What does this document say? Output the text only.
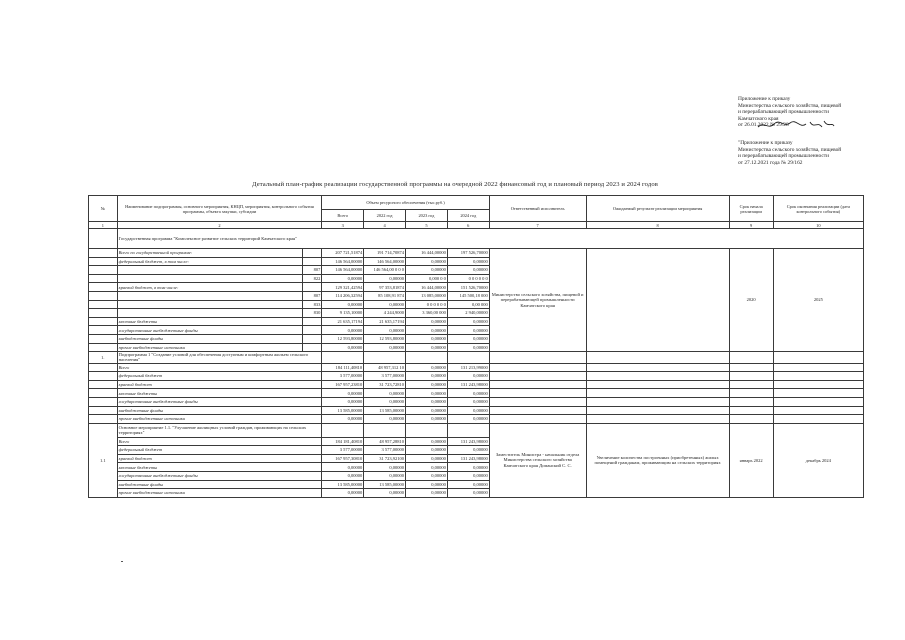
Приложение к приказу
Министерства сельского хозяйства, пищевой
и перерабатывающей промышленности
Камчатского края
от 26.01.2022 № 29/28
"Приложение к приказу
Министерства сельского хозяйства, пищевой
и перерабатывающей промышленности
от 27.12.2021 года № 29/162
Детальный план-график реализации государственной программы на очередной 2022 финансовый год и плановый период 2023 и 2024 годов
№	Наименование подпрограммы, основного мероприятия, КНЦП, мероприятия, контрольного события программы, объекта закупки, субсидии		Объем ресурсного обеспечения (тыс.руб.)				Ответственный исполнитель	Ожидаемый результат реализации мероприятия	Срок начала реализации	Срок окончания реализации (дата контрольного события)
			Всего	2022 год	2023 год	2024 год				
1	2		3	4	5	6	7	8	9	10
	Государственная программа "Комплексное развитие сельских территорий Камчатского края"									
	Всего по государственной программе:		207 721,51874	191 714,70874	16 444,00000	197 526,70000	Министерство сельского хозяйства, пищевой и перерабатывающей промышленности Камчатского края		2020	2025
	федеральный бюджет, в том числе:		146 564,00000	146 564,00000	0,00000	0,00000				
		807	146 564,00000	146 564,00 0 0 0	0,00000	0,00000				
		822	0,00000	0,00000	0,000 0 0	0 0 0 0 0 0				
	краевой бюджет, в том числе:		129 321,42594	97 353,81874	16 444,00000	151 526,70000				
		807	114 206,32594	85 108,91 874	13 085,00000	145 500,18 000				
		833	0,00000	0,00000	0 0 0 0 0 0	0,00 000				
		830	9 135,10000	4 244,9000	3 360,00 000	2 940,00000				
	местные бюджеты		21 635,17194	21 635,17194	0,00000	0,00000				
	государственные внебюджетные фонды		0,00000	0,00000	0,00000	0,00000				
	внебюджетные фонды		12 593,80000	12 593,80000	0,00000	0,00000				
	прочие внебюджетные источники		0,00000	0,00000	0,00000	0,00000				
1.	Подпрограмма 1 "Создание условий для обеспечения доступным и комфортным жильем сельского населения"									
	Всего		184 111,40810	48 957,312 10	0,00000	131 213,99000				
	федеральный бюджет		3 577,00000	3 577,00000	0,00000	0,00000				
	краевой бюджет		167 957,23810	31 723,72810	0,00000	131 243,98000				
	местные бюджеты		0,00000	0,00000	0,00000	0,00000				
	государственные внебюджетные фонды		0,00000	0,00000	0,00000	0,00000				
	внебюджетные фонды		13 585,00000	13 585,00000	0,00000	0,00000				
	прочие внебюджетные источники		0,00000	0,00000	0,00000	0,00000				
1.1	Основное мероприятие 1.1. "Улучшение жилищных условий граждан, проживающих на сельских территориях"						Заместитель Министра - начальник отдела Министерства сельского хозяйства Камчатского края Доманский С. С.	Увеличение количества построенных (приобретенных) жилых помещений гражданам, проживающим на сельских территориях	январь 2022	декабрь 2024
	Всего		184 181,40810	48 957,28810	0,00000	131 243,98000				
	федеральный бюджет		3 577,00000	3 577,00000	0,00000	0,00000				
	краевой бюджет		167 957,30810	31 723,92100	0,00000	131 243,98000				
	местные бюджеты		0,00000	0,00000	0,00000	0,00000				
	государственные внебюджетные фонды		0,00000	0,00000	0,00000	0,00000				
	внебюджетные фонды		13 585,00000	13 585,00000	0,00000	0,00000				
	прочие внебюджетные источники		0,00000	0,00000	0,00000	0,00000				
